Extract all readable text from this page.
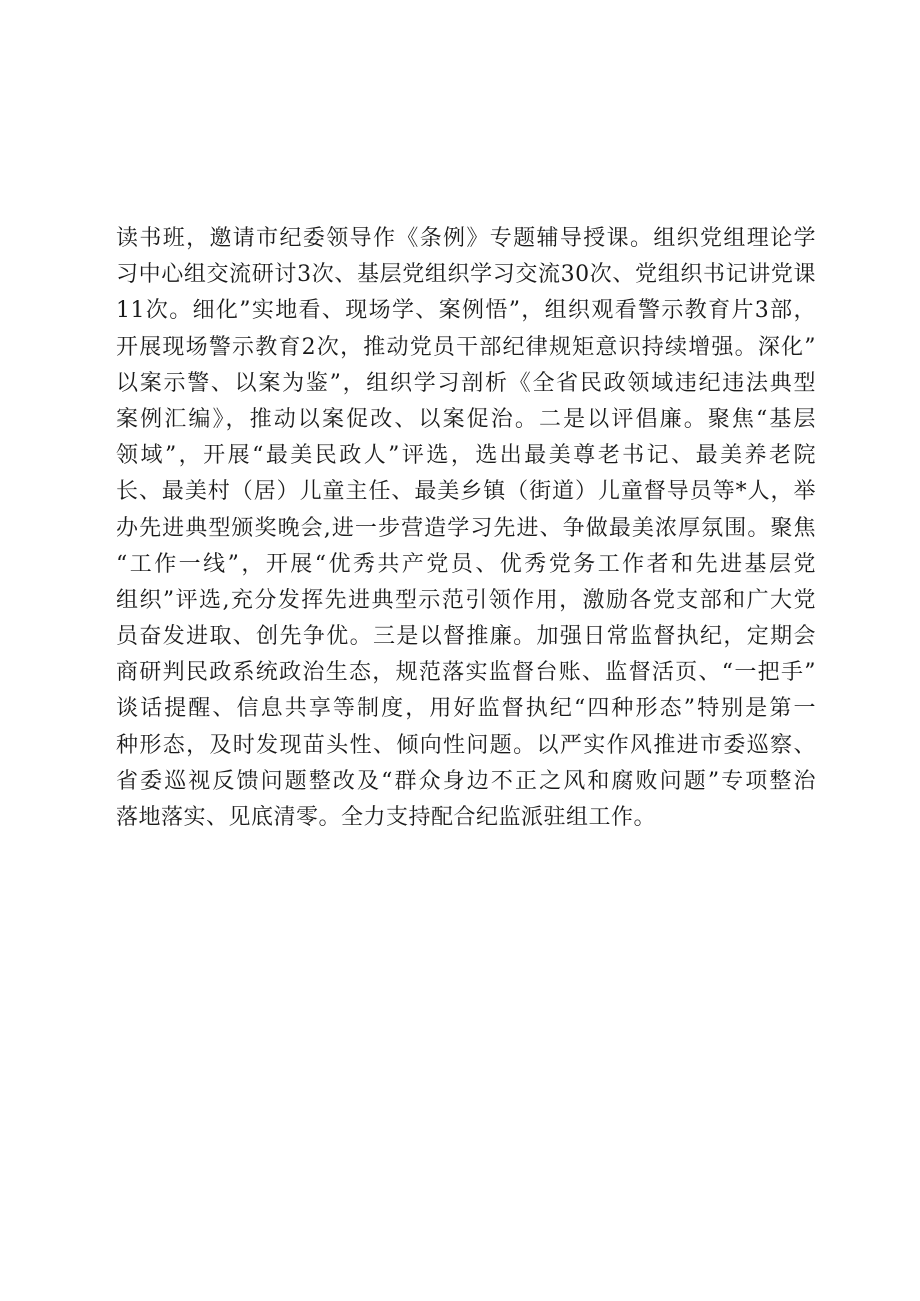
读书班，邀请市纪委领导作《条例》专题辅导授课。组织党组理论学
习中心组交流研讨3次、基层党组织学习交流30次、党组织书记讲党课
11次。细化”实地看、现场学、案例悟”，组织观看警示教育片3部，
开展现场警示教育2次，推动党员干部纪律规矩意识持续增强。深化”
以案示警、以案为鉴”，组织学习剖析《全省民政领域违纪违法典型
案例汇编》，推动以案促改、以案促治。二是以评倡廉。聚焦“基层
领域”，开展“最美民政人”评选，选出最美尊老书记、最美养老院
长、最美村（居）儿童主任、最美乡镇（街道）儿童督导员等*人，举
办先进典型颁奖晚会,进一步营造学习先进、争做最美浓厚氛围。聚焦
“工作一线”，开展“优秀共产党员、优秀党务工作者和先进基层党
组织”评选,充分发挥先进典型示范引领作用，激励各党支部和广大党
员奋发进取、创先争优。三是以督推廉。加强日常监督执纪，定期会
商研判民政系统政治生态，规范落实监督台账、监督活页、“一把手”
谈话提醒、信息共享等制度，用好监督执纪“四种形态”特别是第一
种形态，及时发现苗头性、倾向性问题。以严实作风推进市委巡察、
省委巡视反馈问题整改及“群众身边不正之风和腐败问题”专项整治
落地落实、见底清零。全力支持配合纪监派驻组工作。
